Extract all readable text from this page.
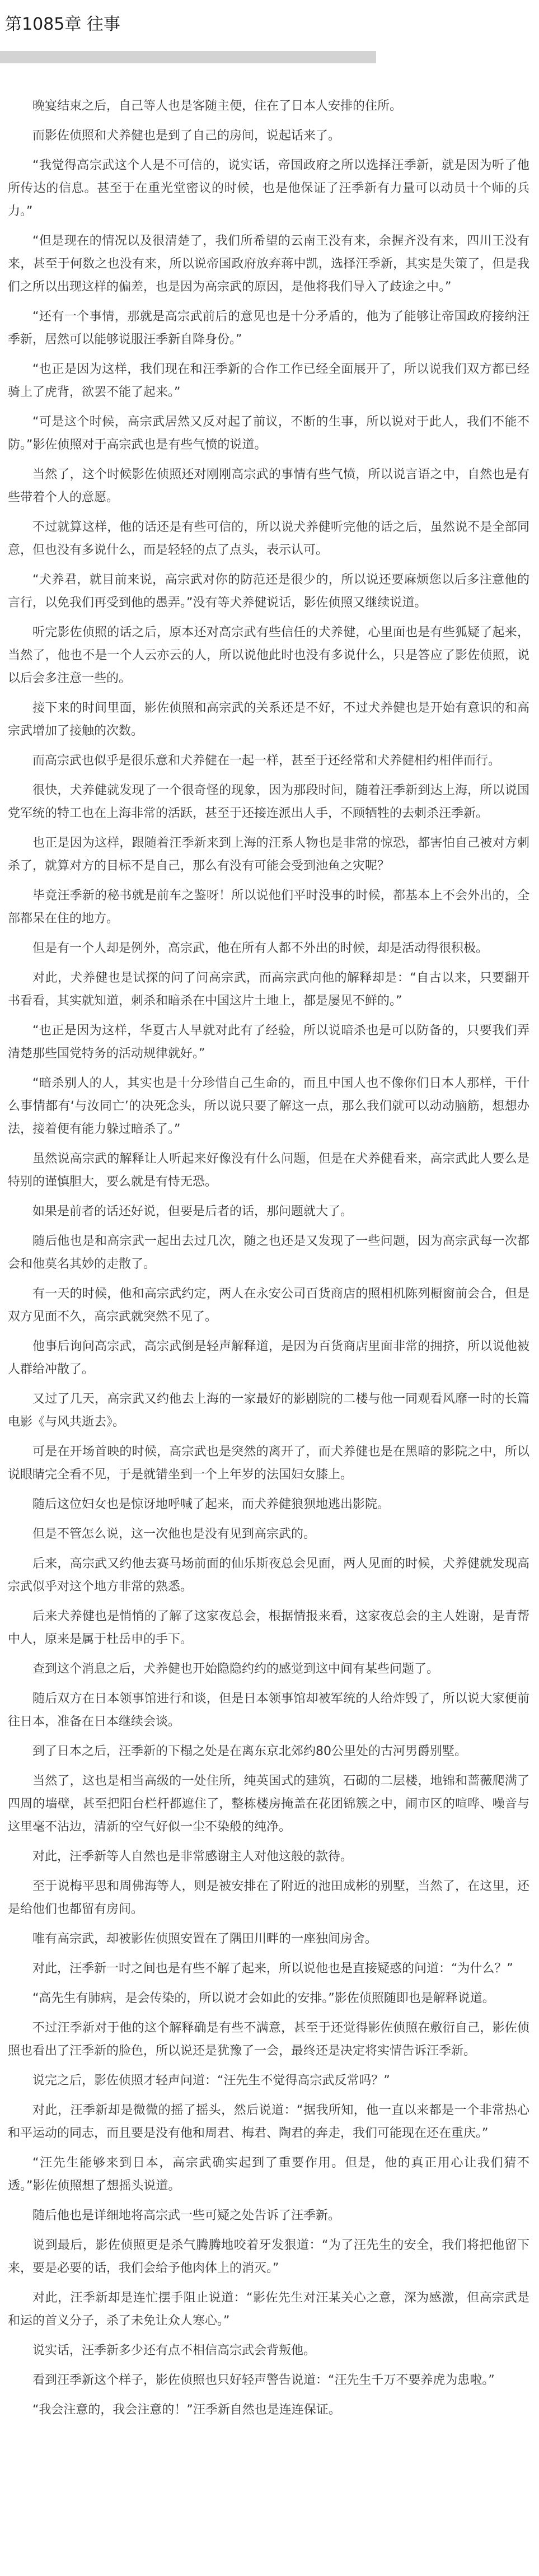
第1085章 往事

晚宴结束之后，自己等人也是客随主便，住在了日本人安排的住所。

而影佐侦照和犬养健也是到了自己的房间，说起话来了。

“我觉得高宗武这个人是不可信的，说实话，帝国政府之所以选择汪季新，就是因为听了他所传达的信息。甚至于在重光堂密议的时候，也是他保证了汪季新有力量可以动员十个师的兵力。”

“但是现在的情况以及很清楚了，我们所希望的云南王没有来，余握齐没有来，四川王没有来，甚至于何数之也没有来，所以说帝国政府放弃蒋中凯，选择汪季新，其实是失策了，但是我们之所以出现这样的偏差，也是因为高宗武的原因，是他将我们导入了歧途之中。”

“还有一个事情，那就是高宗武前后的意见也是十分矛盾的，他为了能够让帝国政府接纳汪季新，居然可以能够说服汪季新自降身份。”

“也正是因为这样，我们现在和汪季新的合作工作已经全面展开了，所以说我们双方都已经骑上了虎背，欲罢不能了起来。”

“可是这个时候，高宗武居然又反对起了前议，不断的生事，所以说对于此人，我们不能不防。”影佐侦照对于高宗武也是有些气愤的说道。

当然了，这个时候影佐侦照还对刚刚高宗武的事情有些气愤，所以说言语之中，自然也是有些带着个人的意愿。

不过就算这样，他的话还是有些可信的，所以说犬养健听完他的话之后，虽然说不是全部同意，但也没有多说什么，而是轻轻的点了点头，表示认可。

“犬养君，就目前来说，高宗武对你的防范还是很少的，所以说还要麻烦您以后多注意他的言行，以免我们再受到他的愚弄。”没有等犬养健说话，影佐侦照又继续说道。

听完影佐侦照的话之后，原本还对高宗武有些信任的犬养健，心里面也是有些狐疑了起来，当然了，他也不是一个人云亦云的人，所以说他此时也没有多说什么，只是答应了影佐侦照，说以后会多注意一些的。

接下来的时间里面，影佐侦照和高宗武的关系还是不好，不过犬养健也是开始有意识的和高宗武增加了接触的次数。

而高宗武也似乎是很乐意和犬养健在一起一样，甚至于还经常和犬养健相约相伴而行。

很快，犬养健就发现了一个很奇怪的现象，因为那段时间，随着汪季新到达上海，所以说国党军统的特工也在上海非常的活跃，甚至于还接连派出人手，不顾牺牲的去刺杀汪季新。

也正是因为这样，跟随着汪季新来到上海的汪系人物也是非常的惊恐，都害怕自己被对方刺杀了，就算对方的目标不是自己，那么有没有可能会受到池鱼之灾呢？

毕竟汪季新的秘书就是前车之鉴呀！所以说他们平时没事的时候，都基本上不会外出的，全部都呆在住的地方。

但是有一个人却是例外，高宗武，他在所有人都不外出的时候，却是活动得很积极。

对此，犬养健也是试探的问了问高宗武，而高宗武向他的解释却是：“自古以来，只要翻开书看看，其实就知道，刺杀和暗杀在中国这片土地上，都是屡见不鲜的。”

“也正是因为这样，华夏古人早就对此有了经验，所以说暗杀也是可以防备的，只要我们弄清楚那些国党特务的活动规律就好。”

“暗杀别人的人，其实也是十分珍惜自己生命的，而且中国人也不像你们日本人那样，干什么事情都有‘与汝同亡’的决死念头，所以说只要了解这一点，那么我们就可以动动脑筋，想想办法，接着便有能力躲过暗杀了。”

虽然说高宗武的解释让人听起来好像没有什么问题，但是在犬养健看来，高宗武此人要么是特别的谨慎胆大，要么就是有恃无恐。

如果是前者的话还好说，但要是后者的话，那问题就大了。

随后他也是和高宗武一起出去过几次，随之也还是又发现了一些问题，因为高宗武每一次都会和他莫名其妙的走散了。

有一天的时候，他和高宗武约定，两人在永安公司百货商店的照相机陈列橱窗前会合，但是双方见面不久，高宗武就突然不见了。

他事后询问高宗武，高宗武倒是轻声解释道，是因为百货商店里面非常的拥挤，所以说他被人群给冲散了。

又过了几天，高宗武又约他去上海的一家最好的影剧院的二楼与他一同观看风靡一时的长篇电影《与风共逝去》。

可是在开场首映的时候，高宗武也是突然的离开了，而犬养健也是在黑暗的影院之中，所以说眼睛完全看不见，于是就错坐到一个上年岁的法国妇女膝上。

随后这位妇女也是惊讶地呼喊了起来，而犬养健狼狈地逃出影院。

但是不管怎么说，这一次他也是没有见到高宗武的。

后来，高宗武又约他去赛马场前面的仙乐斯夜总会见面，两人见面的时候，犬养健就发现高宗武似乎对这个地方非常的熟悉。

后来犬养健也是悄悄的了解了这家夜总会，根据情报来看，这家夜总会的主人姓谢，是青帮中人，原来是属于杜岳申的手下。

查到这个消息之后，犬养健也开始隐隐约约的感觉到这中间有某些问题了。

随后双方在日本领事馆进行和谈，但是日本领事馆却被军统的人给炸毁了，所以说大家便前往日本，准备在日本继续会谈。

到了日本之后，汪季新的下榻之处是在离东京北郊约80公里处的古河男爵别墅。

当然了，这也是相当高级的一处住所，纯英国式的建筑，石砌的二层楼，地锦和蔷薇爬满了四周的墙壁，甚至把阳台栏杆都遮住了，整栋楼房掩盖在花团锦簇之中，闹市区的喧哗、噪音与这里毫不沾边，清新的空气好似一尘不染般的纯净。

对此，汪季新等人自然也是非常感谢主人对他这般的款待。

至于说梅平思和周佛海等人，则是被安排在了附近的池田成彬的别墅，当然了，在这里，还是给他们也都留有房间。

唯有高宗武，却被影佐侦照安置在了隅田川畔的一座独间房舍。

对此，汪季新一时之间也是有些不解了起来，所以说他也是直接疑惑的问道：“为什么？”

“高先生有肺病，是会传染的，所以说才会如此的安排。”影佐侦照随即也是解释说道。

不过汪季新对于他的这个解释确是有些不满意，甚至于还觉得影佐侦照在敷衍自己，影佐侦照也看出了汪季新的脸色，所以说还是犹豫了一会，最终还是决定将实情告诉汪季新。

说完之后，影佐侦照才轻声问道：“汪先生不觉得高宗武反常吗？”

对此，汪季新却是微微的摇了摇头，然后说道：“据我所知，他一直以来都是一个非常热心和平运动的同志，而且要是没有他和周君、梅君、陶君的奔走，我们可能现在还在重庆。”

“汪先生能够来到日本，高宗武确实起到了重要作用。但是，他的真正用心让我们猜不透。”影佐侦照想了想摇头说道。

随后他也是详细地将高宗武一些可疑之处告诉了汪季新。

说到最后，影佐侦照更是杀气腾腾地咬着牙发狠道：“为了汪先生的安全，我们将把他留下来，要是必要的话，我们会给予他肉体上的消灭。”

对此，汪季新却是连忙摆手阻止说道：“影佐先生对汪某关心之意，深为感激，但高宗武是和运的首义分子，杀了未免让众人寒心。”

说实话，汪季新多少还有点不相信高宗武会背叛他。

看到汪季新这个样子，影佐侦照也只好轻声警告说道：“汪先生千万不要养虎为患啦。”

“我会注意的，我会注意的！”汪季新自然也是连连保证。
